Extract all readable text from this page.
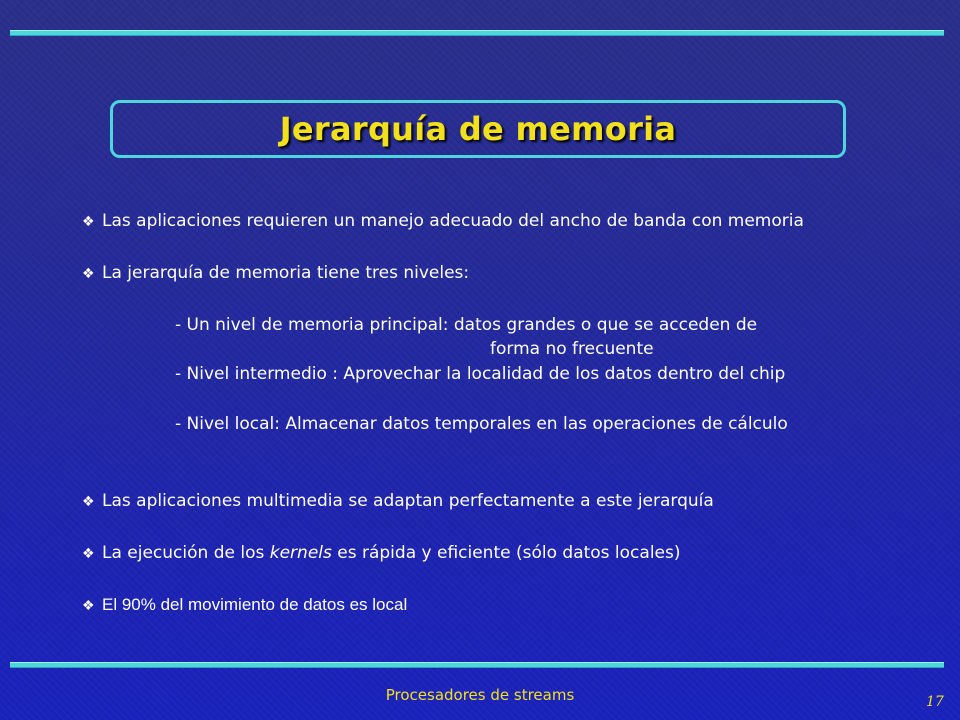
Jerarquía de memoria
❖ Las aplicaciones requieren un manejo adecuado del ancho de banda con memoria
❖ La jerarquía de memoria tiene tres niveles:
- Un nivel de memoria principal: datos grandes o que se acceden de
forma no frecuente
- Nivel intermedio : Aprovechar la localidad de los datos dentro del chip
- Nivel local: Almacenar datos temporales en las operaciones de cálculo
❖ Las aplicaciones multimedia se adaptan perfectamente a este jerarquía
❖ La ejecución de los kernels es rápida y eficiente (sólo datos locales)
❖ El 90% del movimiento de datos es local
Procesadores de streams	17
